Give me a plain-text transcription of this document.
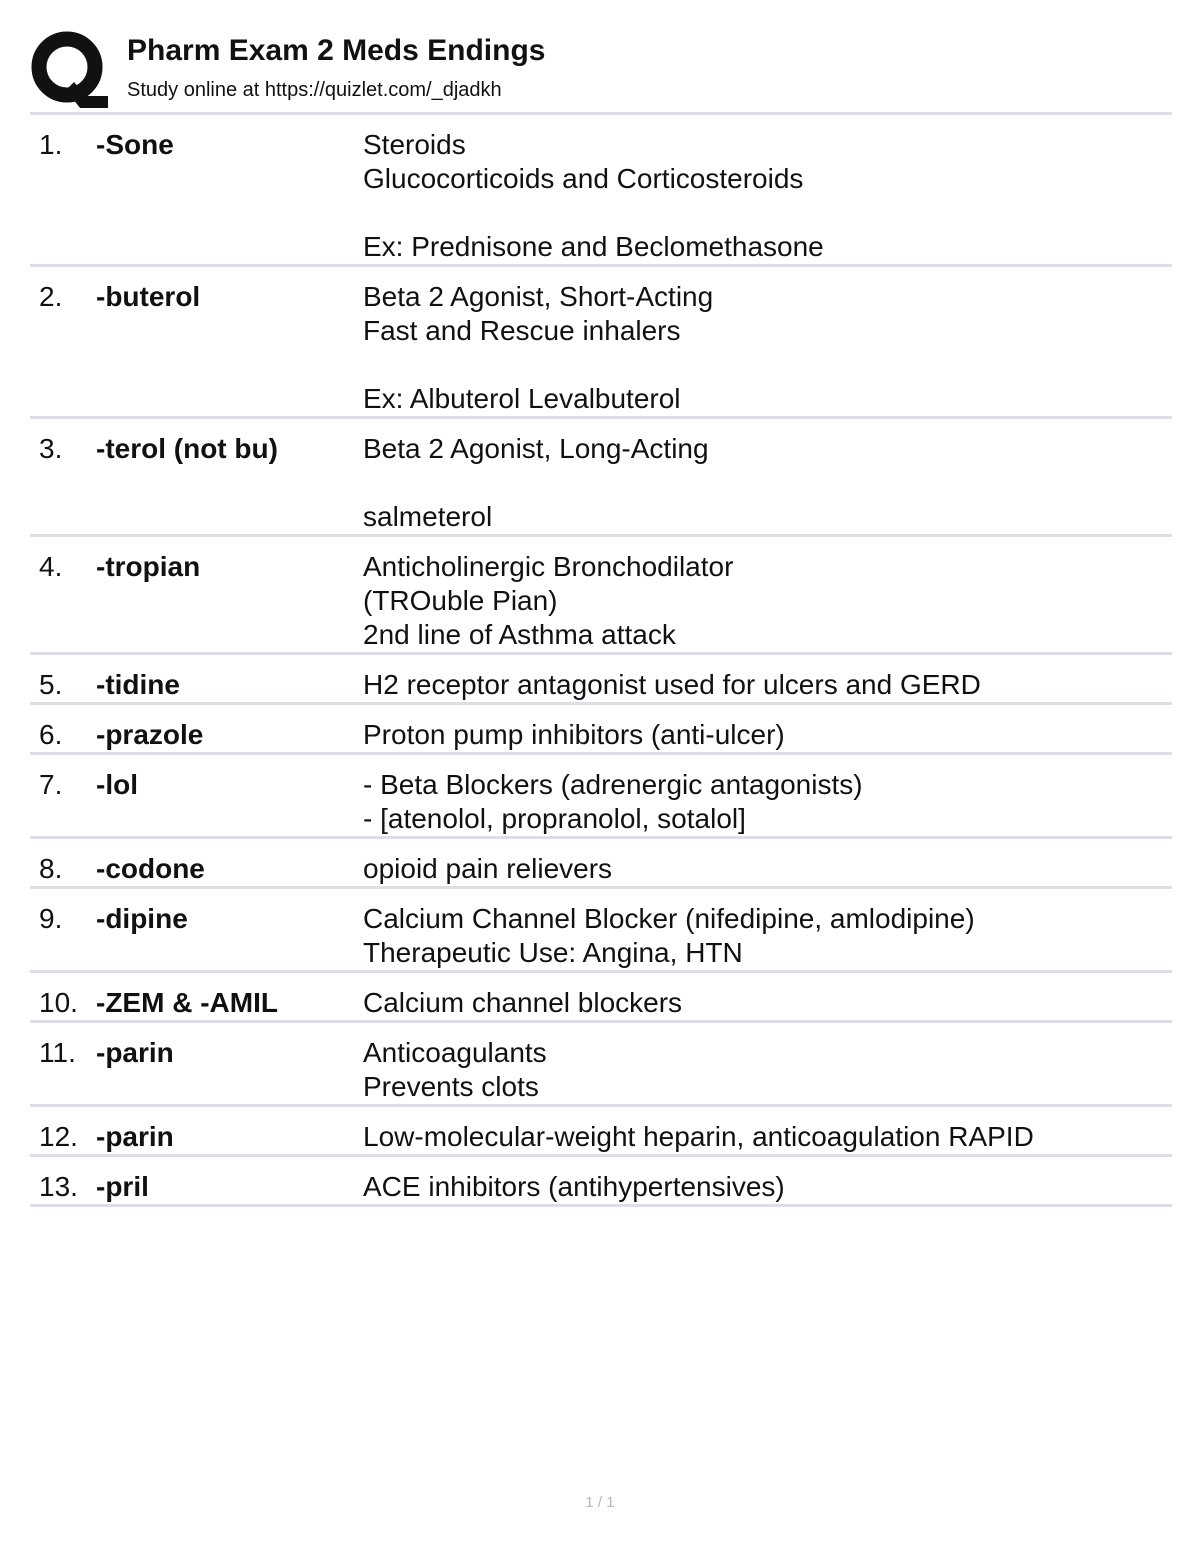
Pharm Exam 2 Meds Endings
Study online at https://quizlet.com/_djadkh
1. -Sone	Steroids
Glucocorticoids and Corticosteroids

Ex: Prednisone and Beclomethasone
2. -buterol	Beta 2 Agonist, Short-Acting
Fast and Rescue inhalers

Ex: Albuterol Levalbuterol
3. -terol (not bu)	Beta 2 Agonist, Long-Acting

salmeterol
4. -tropian	Anticholinergic Bronchodilator
(TROuble Pian)
2nd line of Asthma attack
5. -tidine	H2 receptor antagonist used for ulcers and GERD
6. -prazole	Proton pump inhibitors (anti-ulcer)
7. -lol	- Beta Blockers (adrenergic antagonists)
- [atenolol, propranolol, sotalol]
8. -codone	opioid pain relievers
9. -dipine	Calcium Channel Blocker (nifedipine, amlodipine)
Therapeutic Use: Angina, HTN
10. -ZEM & -AMIL	Calcium channel blockers
11. -parin	Anticoagulants
Prevents clots
12. -parin	Low-molecular-weight heparin, anticoagulation RAPID
13. -pril	ACE inhibitors (antihypertensives)
1 / 1
